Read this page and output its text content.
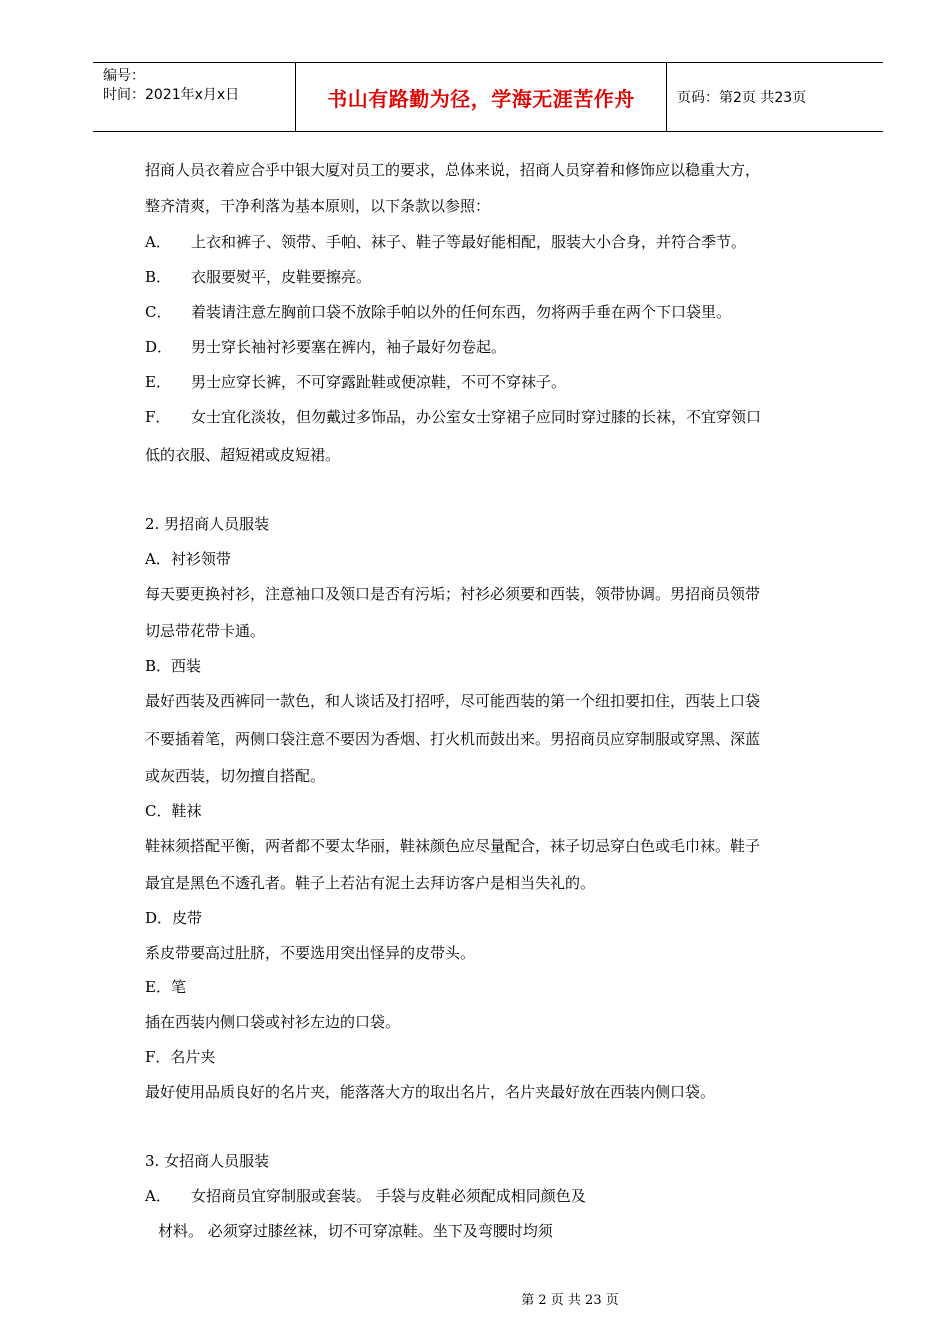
编号：
时间：2021年x月x日	书山有路勤为径，学海无涯苦作舟	页码：第2页 共23页
招商人员衣着应合乎中银大厦对员工的要求，总体来说，招商人员穿着和修饰应以稳重大方，
整齐清爽，干净利落为基本原则，以下条款以参照：
A． 上衣和裤子、领带、手帕、袜子、鞋子等最好能相配，服装大小合身，并符合季节。
B． 衣服要熨平，皮鞋要擦亮。
C． 着装请注意左胸前口袋不放除手帕以外的任何东西，勿将两手垂在两个下口袋里。
D． 男士穿长袖衬衫要塞在裤内，袖子最好勿卷起。
E． 男士应穿长裤，不可穿露趾鞋或便凉鞋，不可不穿袜子。
F． 女士宜化淡妆，但勿戴过多饰品，办公室女士穿裙子应同时穿过膝的长袜，不宜穿领口
低的衣服、超短裙或皮短裙。
2. 男招商人员服装
A．衬衫领带
每天要更换衬衫，注意袖口及领口是否有污垢；衬衫必须要和西装，领带协调。男招商员领带
切忌带花带卡通。
B．西装
最好西装及西裤同一款色，和人谈话及打招呼，尽可能西装的第一个纽扣要扣住，西装上口袋
不要插着笔，两侧口袋注意不要因为香烟、打火机而鼓出来。男招商员应穿制服或穿黑、深蓝
或灰西装，切勿擅自搭配。
C．鞋袜
鞋袜须搭配平衡，两者都不要太华丽，鞋袜颜色应尽量配合，袜子切忌穿白色或毛巾袜。鞋子
最宜是黑色不透孔者。鞋子上若沾有泥土去拜访客户是相当失礼的。
D．皮带
系皮带要高过肚脐，不要选用突出怪异的皮带头。
E．笔
插在西装内侧口袋或衬衫左边的口袋。
F．名片夹
最好使用品质良好的名片夹，能落落大方的取出名片，名片夹最好放在西装内侧口袋。
3. 女招商人员服装
A． 女招商员宜穿制服或套装。 手袋与皮鞋必须配成相同颜色及
材料。 必须穿过膝丝袜，切不可穿凉鞋。坐下及弯腰时均须
第 2 页 共 23 页
